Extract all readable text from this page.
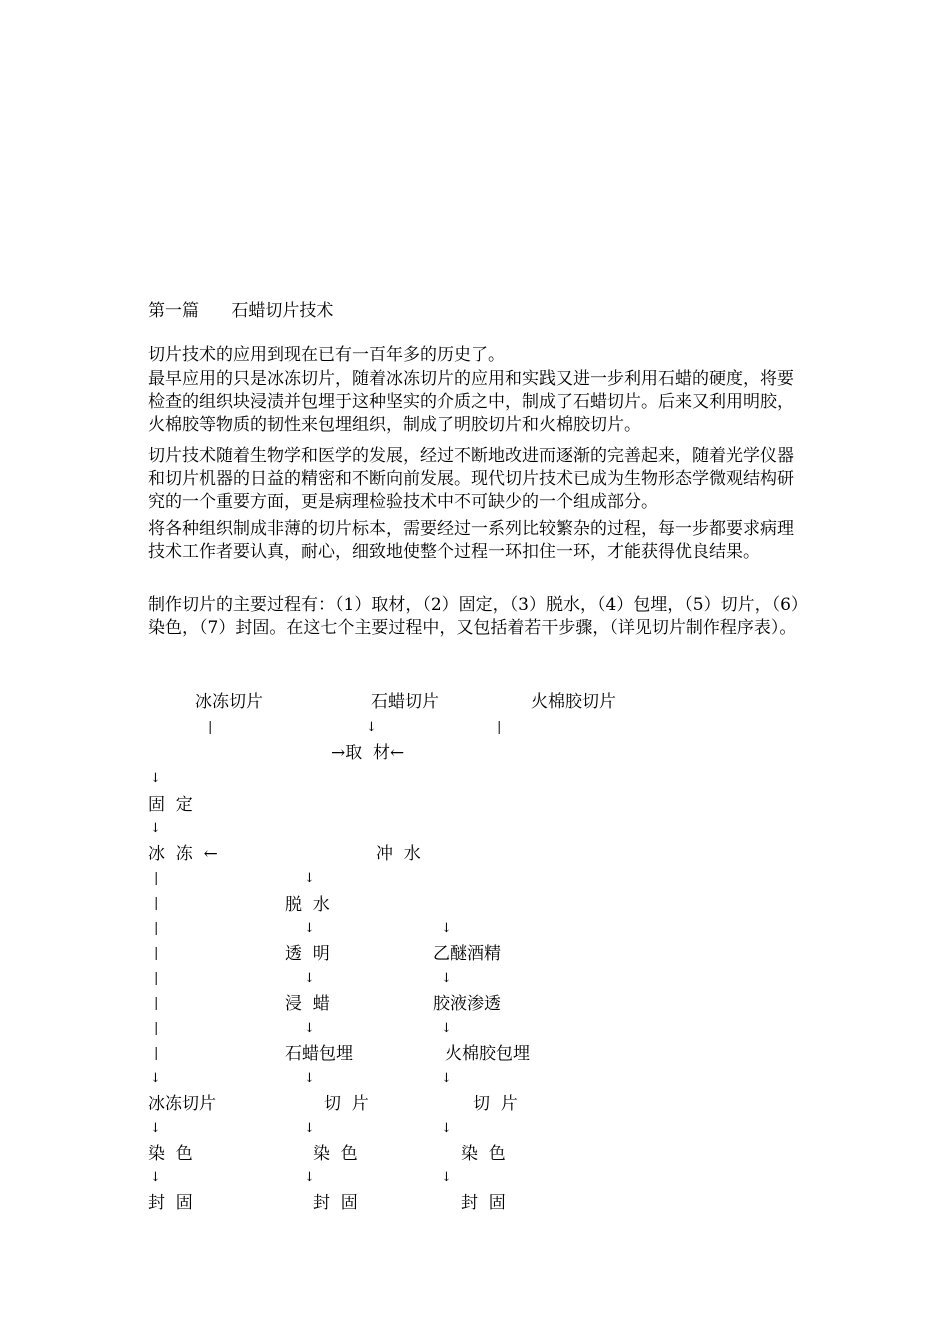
第一篇      石蜡切片技术
切片技术的应用到现在已有一百年多的历史了。
最早应用的只是冰冻切片，随着冰冻切片的应用和实践又进一步利用石蜡的硬度，将要检查的组织块浸渍并包埋于这种坚实的介质之中，制成了石蜡切片。后来又利用明胶，火棉胶等物质的韧性来包埋组织，制成了明胶切片和火棉胶切片。
切片技术随着生物学和医学的发展，经过不断地改进而逐渐的完善起来，随着光学仪器和切片机器的日益的精密和不断向前发展。现代切片技术已成为生物形态学微观结构研究的一个重要方面，更是病理检验技术中不可缺少的一个组成部分。
将各种组织制成非薄的切片标本，需要经过一系列比较繁杂的过程，每一步都要求病理技术工作者要认真，耐心，细致地使整个过程一环扣住一环，才能获得优良结果。
制作切片的主要过程有：（1）取材，（2）固定，（3）脱水，（4）包埋，（5）切片，（6）染色，（7）封固。在这七个主要过程中，又包括着若干步骤，（详见切片制作程序表）。
冰冻切片	石蜡切片	火棉胶切片
|	↓	|
→取  材←
↓
固  定
↓
冰  冻  ←	冲  水
|
|
|
|
|
|
|
|
↓
脱  水
↓
透  明
↓
浸  蜡
↓
石蜡包埋
↓
乙醚酒精
↓
胶液渗透
↓
火棉胶包埋
↓	↓	↓
冰冻切片	切  片	切  片
↓	↓	↓
染  色	染  色	染  色
↓	↓	↓
封  固	封  固	封  固
